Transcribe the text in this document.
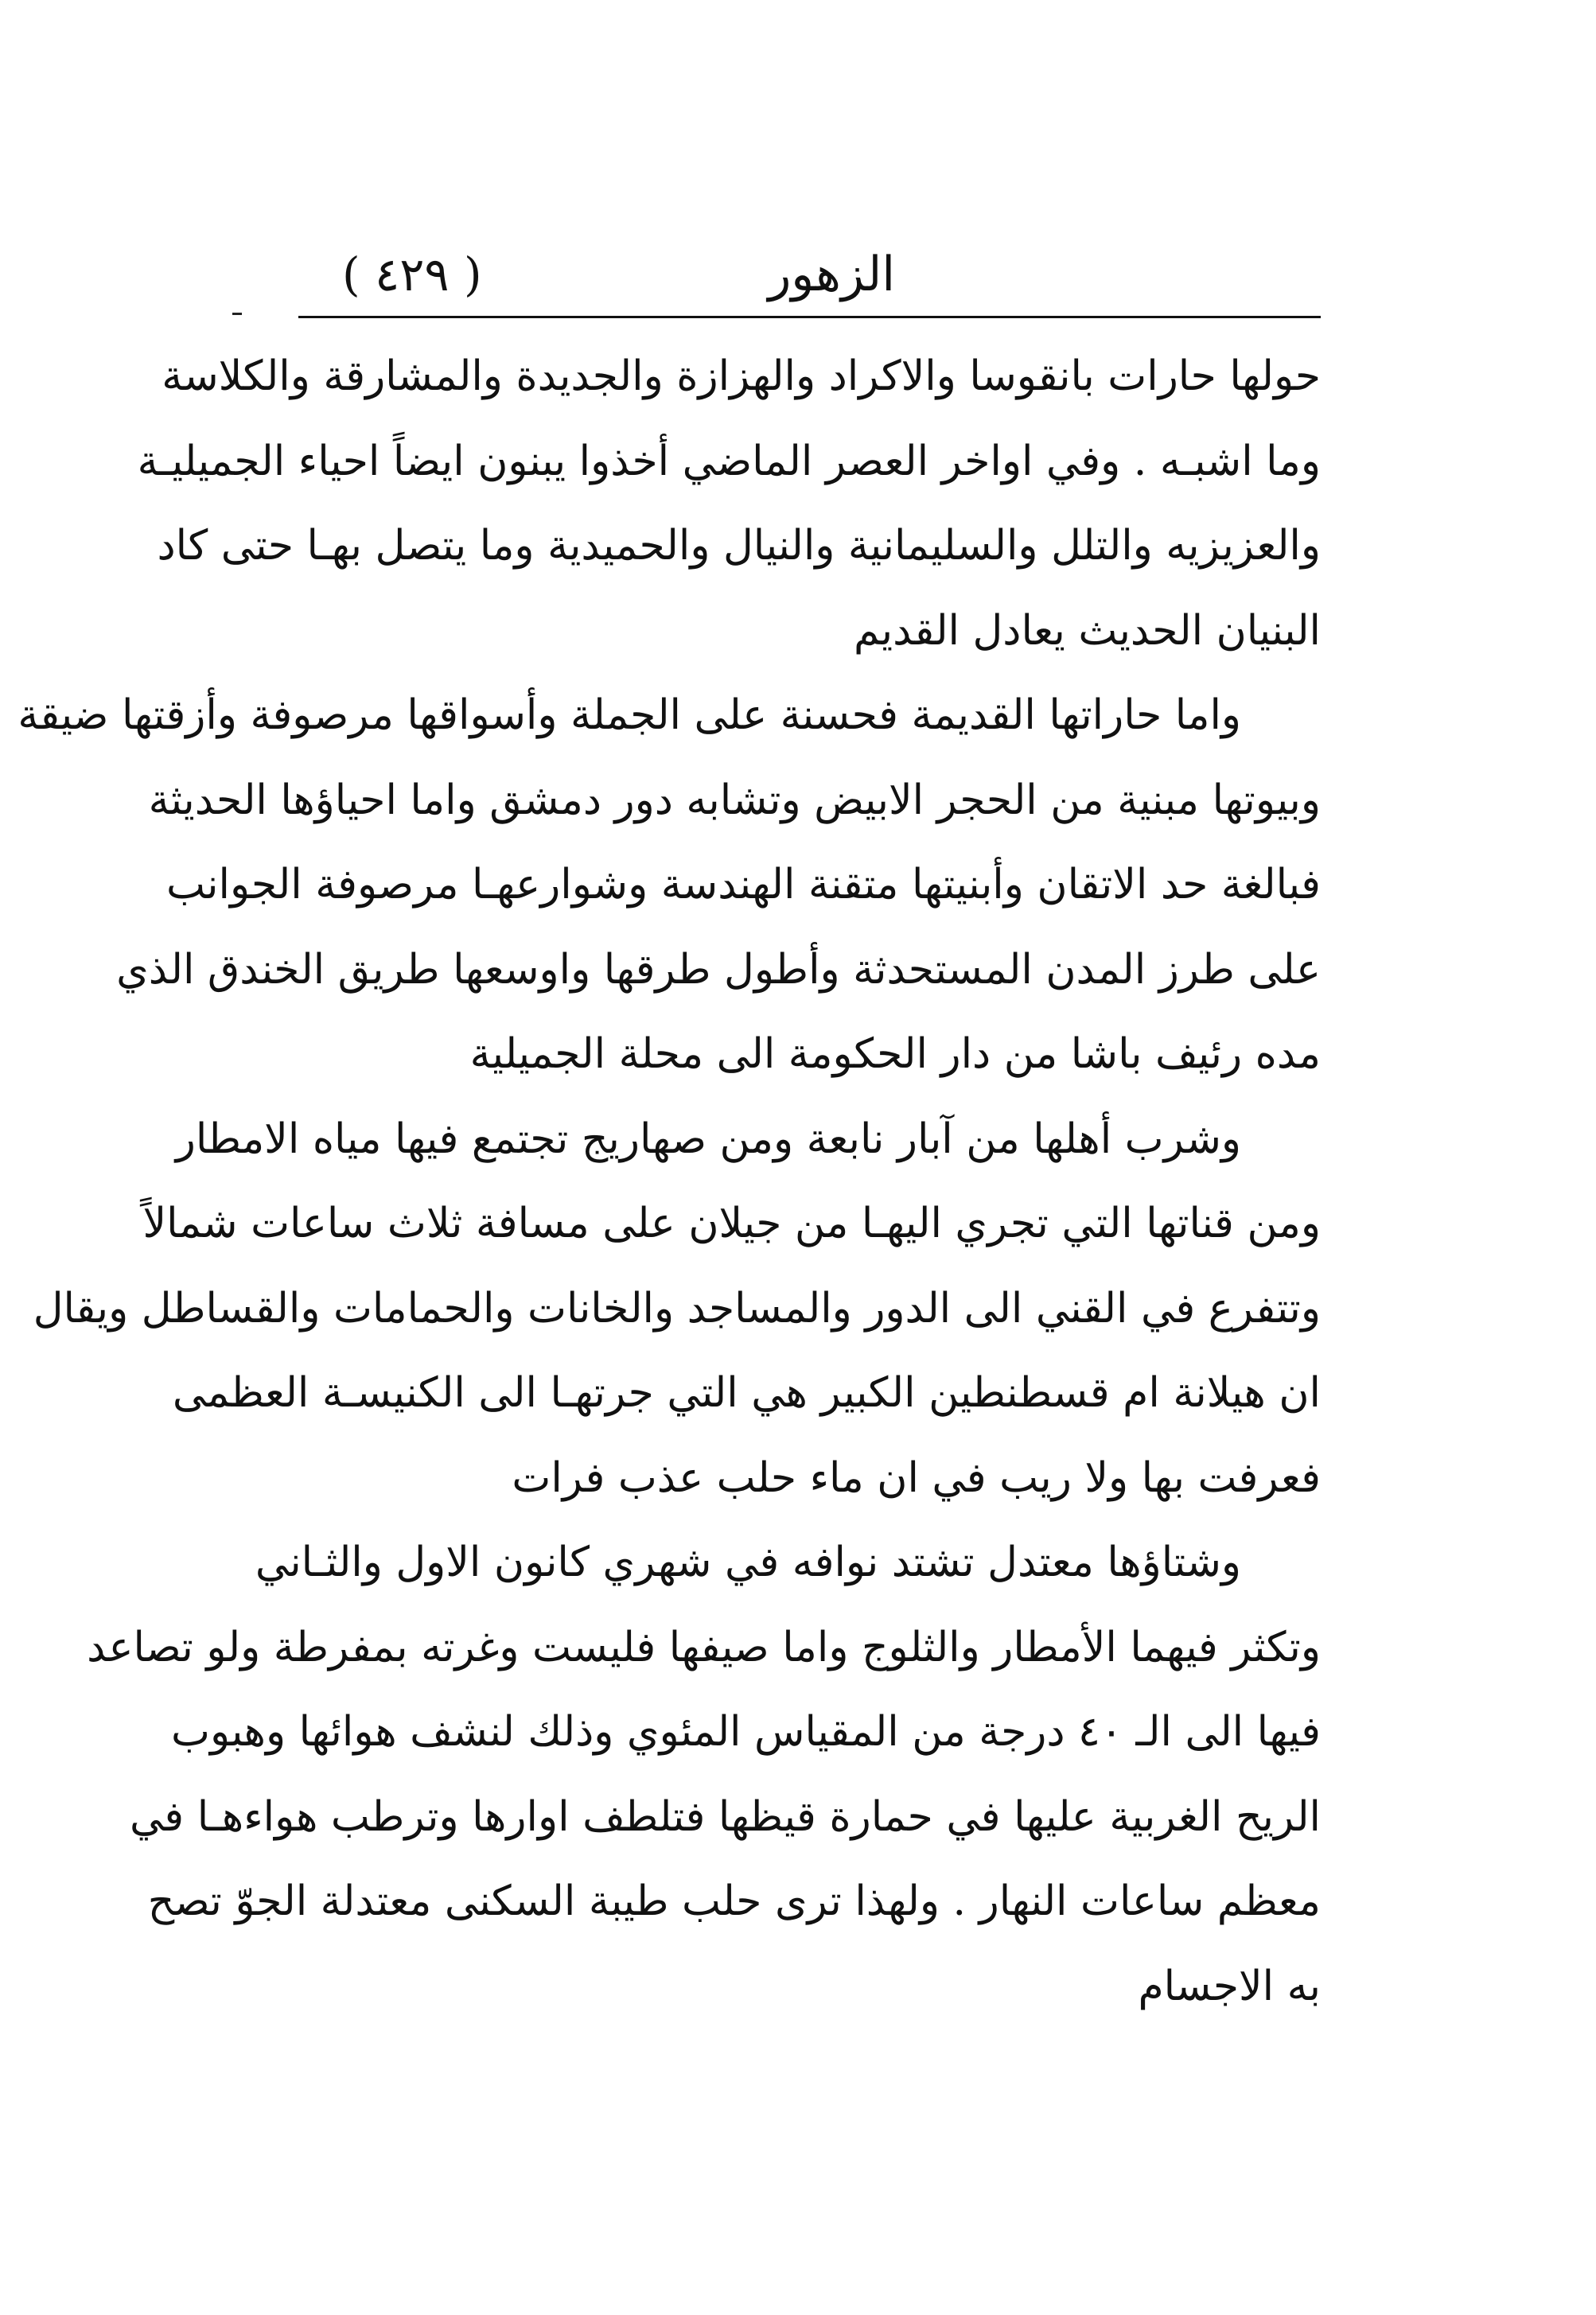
الزهور
( ٤٢٩ )
حولها حارات بانقوسا والاكراد والهزازة والجديدة والمشارقة والكلاسة
وما اشبـه . وفي اواخر العصر الماضي أخذوا يبنون ايضاً احياء الجميليـة
والعزيزيه والتلل والسليمانية والنيال والحميدية وما يتصل بهـا حتى كاد
البنيان الحديث يعادل القديم
واما حاراتها القديمة فحسنة على الجملة وأسواقها مرصوفة وأزقتها ضيقة
وبيوتها مبنية من الحجر الابيض وتشابه دور دمشق واما احياؤها الحديثة
فبالغة حد الاتقان وأبنيتها متقنة الهندسة وشوارعهـا مرصوفة الجوانب
على طرز المدن المستحدثة وأطول طرقها واوسعها طريق الخندق الذي
مده رئيف باشا من دار الحكومة الى محلة الجميلية
وشرب أهلها من آبار نابعة ومن صهاريج تجتمع فيها مياه الامطار
ومن قناتها التي تجري اليهـا من جيلان على مسافة ثلاث ساعات شمالاً
وتتفرع في القني الى الدور والمساجد والخانات والحمامات والقساطل ويقال
ان هيلانة ام قسطنطين الكبير هي التي جرتهـا الى الكنيسـة العظمى
فعرفت بها ولا ريب في ان ماء حلب عذب فرات
وشتاؤها معتدل تشتد نوافه في شهري كانون الاول والثـاني
وتكثر فيهما الأمطار والثلوج واما صيفها فليست وغرته بمفرطة ولو تصاعد
فيها الى الـ ٤٠ درجة من المقياس المئوي وذلك لنشف هوائها وهبوب
الريح الغربية عليها في حمارة قيظها فتلطف اوارها وترطب هواءهـا في
معظم ساعات النهار . ولهذا ترى حلب طيبة السكنى معتدلة الجوّ تصح
به الاجسام
